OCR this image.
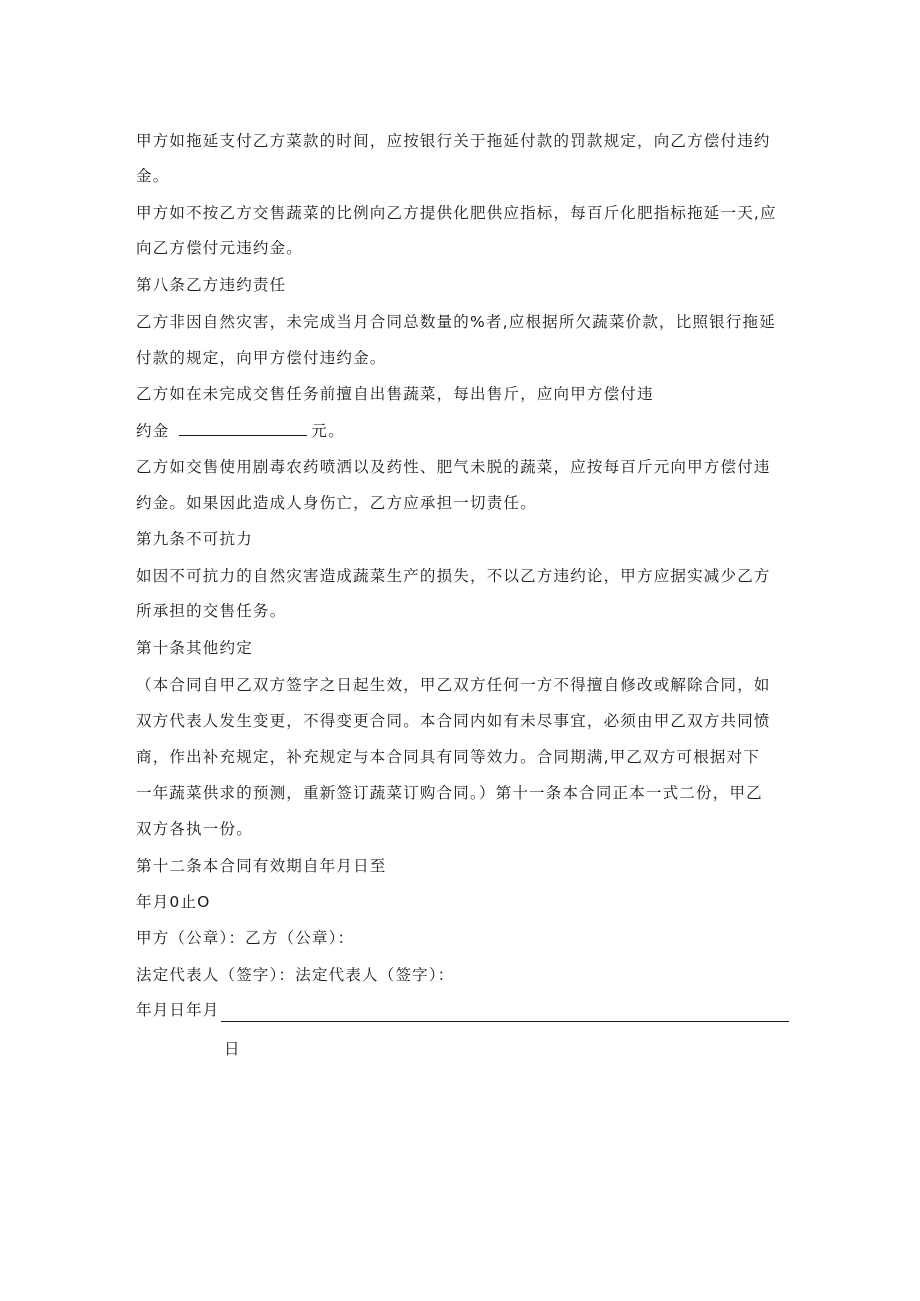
甲方如拖延支付乙方菜款的时间，应按银行关于拖延付款的罚款规定，向乙方偿付违约
金。
甲方如不按乙方交售蔬菜的比例向乙方提供化肥供应指标，每百斤化肥指标拖延一天,应
向乙方偿付元违约金。
第八条乙方违约责任
乙方非因自然灾害，未完成当月合同总数量的%者,应根据所欠蔬菜价款，比照银行拖延
付款的规定，向甲方偿付违约金。
乙方如在未完成交售任务前擅自出售蔬菜，每出售斤，应向甲方偿付违
约金	元。
乙方如交售使用剧毒农药喷洒以及药性、肥气未脱的蔬菜，应按每百斤元向甲方偿付违
约金。如果因此造成人身伤亡，乙方应承担一切责任。
第九条不可抗力
如因不可抗力的自然灾害造成蔬菜生产的损失，不以乙方违约论，甲方应据实减少乙方
所承担的交售任务。
第十条其他约定
（本合同自甲乙双方签字之日起生效，甲乙双方任何一方不得擅自修改或解除合同，如
双方代表人发生变更，不得变更合同。本合同内如有未尽事宜，必须由甲乙双方共同愤
商，作出补充规定，补充规定与本合同具有同等效力。合同期满,甲乙双方可根据对下
一年蔬菜供求的预测，重新签订蔬菜订购合同。）第十一条本合同正本一式二份，甲乙
双方各执一份。
第十二条本合同有效期自年月日至
年月0止O
甲方（公章）：乙方（公章）：
法定代表人（签字）：法定代表人（签字）：
年月日年月
日
